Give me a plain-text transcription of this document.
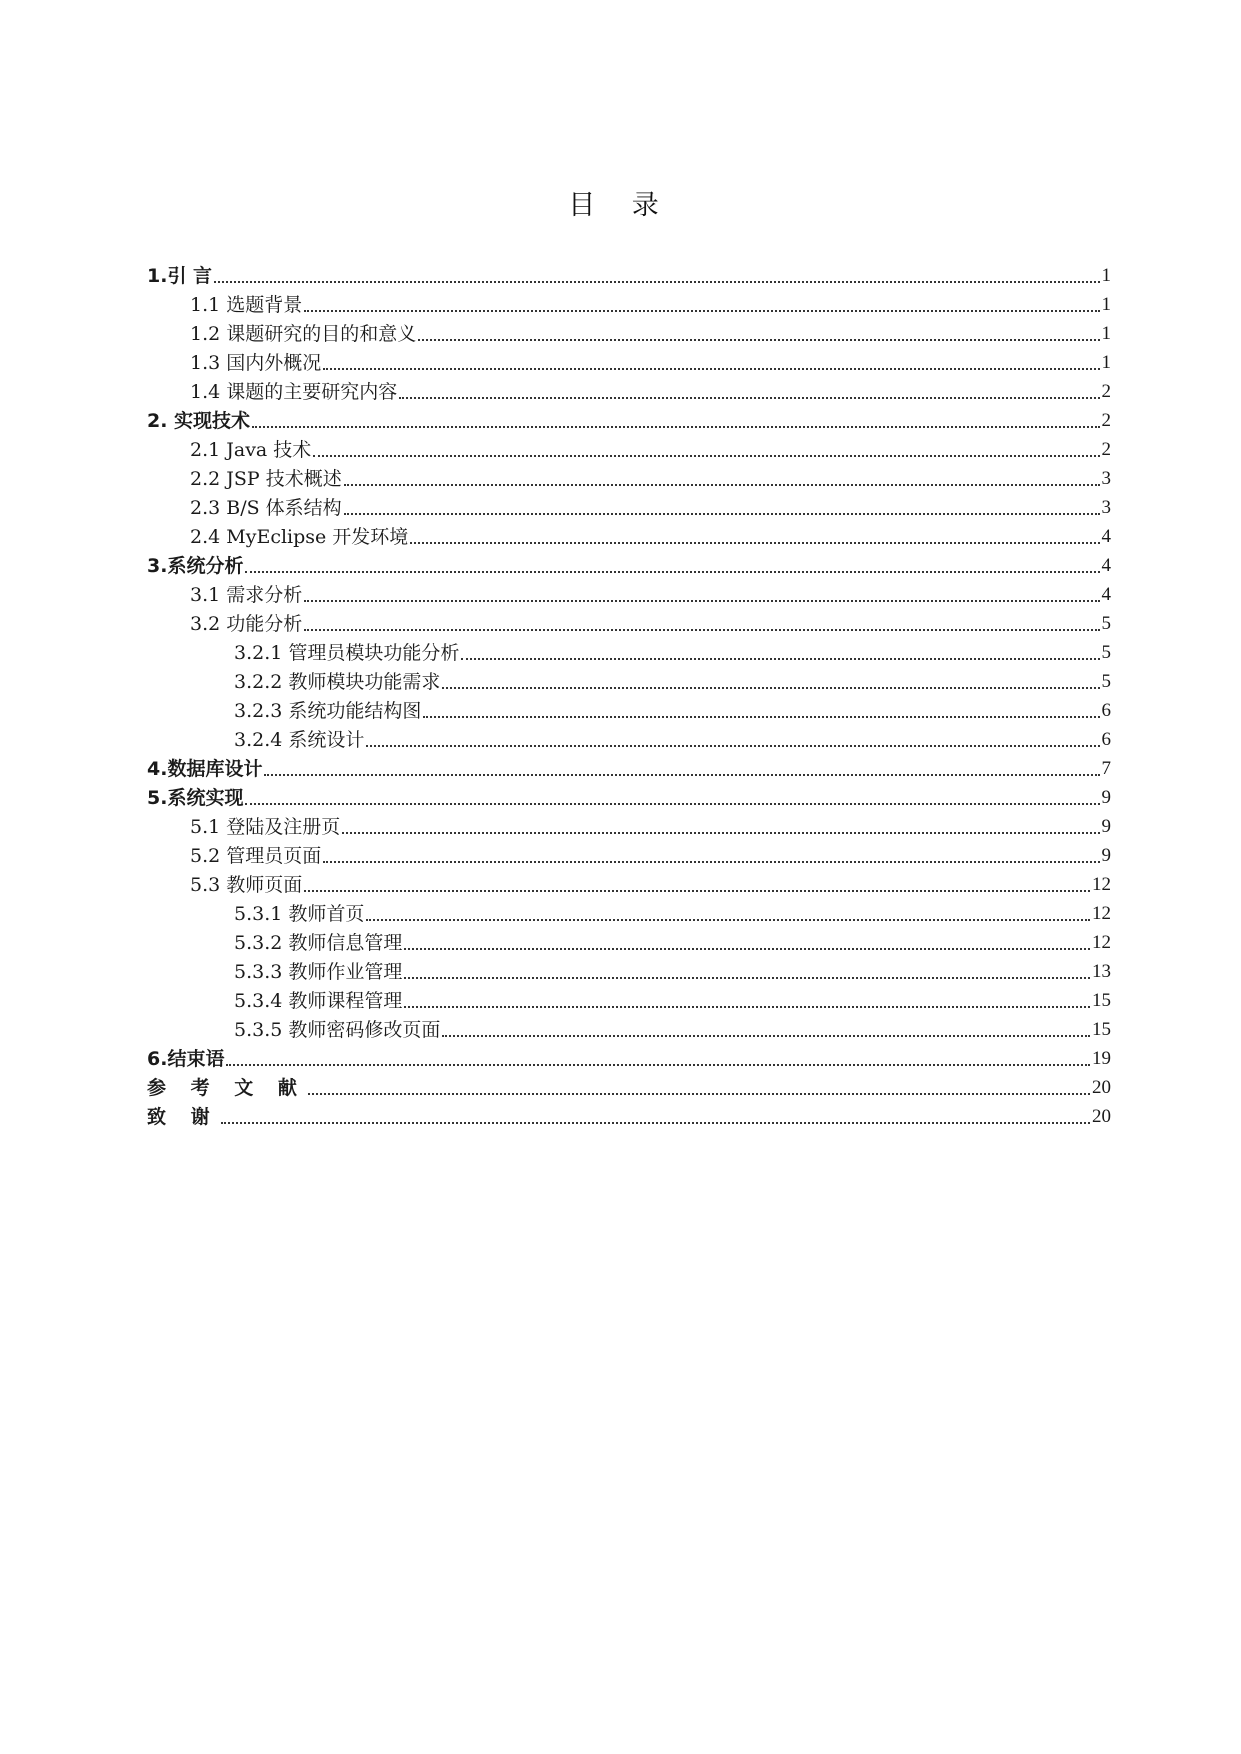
目 录
1.引 言	1
1.1 选题背景	1
1.2 课题研究的目的和意义	1
1.3 国内外概况	1
1.4 课题的主要研究内容	2
2. 实现技术	2
2.1 Java 技术	2
2.2 JSP 技术概述	3
2.3 B/S 体系结构	3
2.4 MyEclipse 开发环境	4
3.系统分析	4
3.1 需求分析	4
3.2 功能分析	5
3.2.1 管理员模块功能分析	5
3.2.2 教师模块功能需求	5
3.2.3 系统功能结构图	6
3.2.4 系统设计	6
4.数据库设计	7
5.系统实现	9
5.1 登陆及注册页	9
5.2 管理员页面	9
5.3 教师页面	12
5.3.1 教师首页	12
5.3.2 教师信息管理	12
5.3.3 教师作业管理	13
5.3.4 教师课程管理	15
5.3.5 教师密码修改页面	15
6.结束语	19
参 考 文 献	20
致 谢	20
